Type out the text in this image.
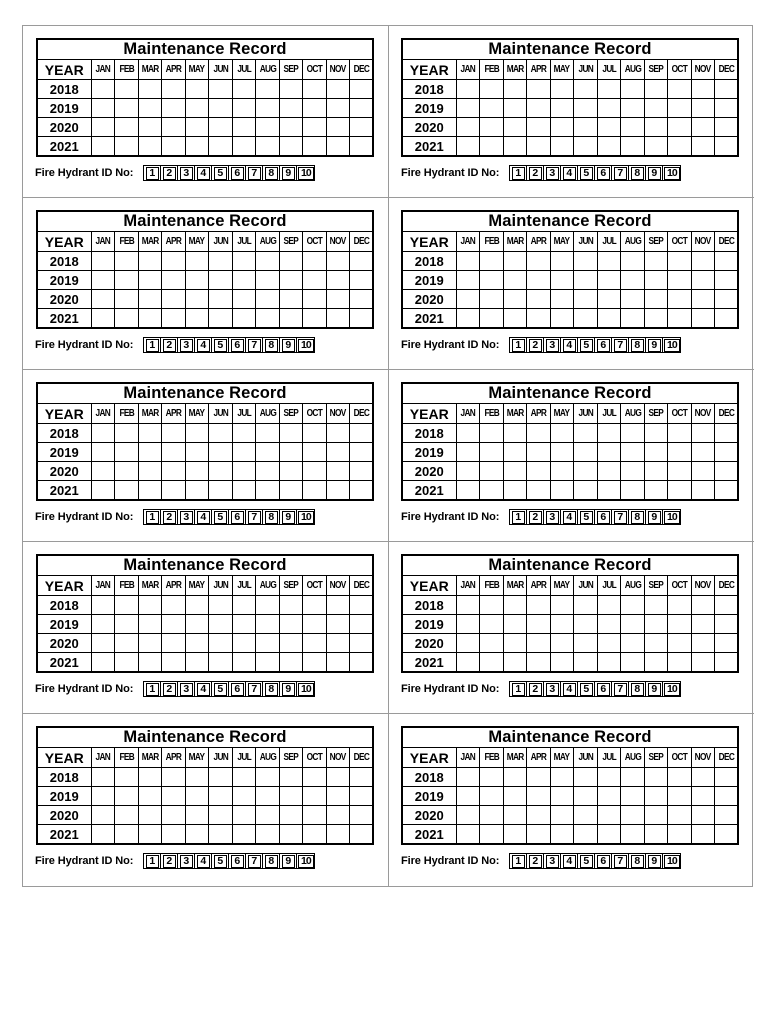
Maintenance Record												
YEAR	JAN	FEB	MAR	APR	MAY	JUN	JUL	AUG	SEP	OCT	NOV	DEC
2018												
2019												
2020												
2021												
Fire Hydrant ID No:	1	2	3	4	5	6	7	8	9 10
Maintenance Record												
YEAR	JAN	FEB	MAR	APR	MAY	JUN	JUL	AUG	SEP	OCT	NOV	DEC
2018												
2019												
2020												
2021												
Fire Hydrant ID No:	1	2	3	4	5	6	7	8	9 10
Maintenance Record												
YEAR	JAN	FEB	MAR	APR	MAY	JUN	JUL	AUG	SEP	OCT	NOV	DEC
2018												
2019												
2020												
2021												
Fire Hydrant ID No:	1	2	3	4	5	6	7	8	9 10
Maintenance Record												
YEAR	JAN	FEB	MAR	APR	MAY	JUN	JUL	AUG	SEP	OCT	NOV	DEC
2018												
2019												
2020												
2021												
Fire Hydrant ID No:	1	2	3	4	5	6	7	8	9 10
Maintenance Record												
YEAR	JAN	FEB	MAR	APR	MAY	JUN	JUL	AUG	SEP	OCT	NOV	DEC
2018												
2019												
2020												
2021												
Fire Hydrant ID No:	1	2	3	4	5	6	7	8	9 10
Maintenance Record												
YEAR	JAN	FEB	MAR	APR	MAY	JUN	JUL	AUG	SEP	OCT	NOV	DEC
2018												
2019												
2020												
2021												
Fire Hydrant ID No:	1	2	3	4	5	6	7	8	9 10
Maintenance Record												
YEAR	JAN	FEB	MAR	APR	MAY	JUN	JUL	AUG	SEP	OCT	NOV	DEC
2018												
2019												
2020												
2021												
Fire Hydrant ID No:	1	2	3	4	5	6	7	8	9 10
Maintenance Record												
YEAR	JAN	FEB	MAR	APR	MAY	JUN	JUL	AUG	SEP	OCT	NOV	DEC
2018												
2019												
2020												
2021												
Fire Hydrant ID No:	1	2	3	4	5	6	7	8	9 10
Maintenance Record												
YEAR	JAN	FEB	MAR	APR	MAY	JUN	JUL	AUG	SEP	OCT	NOV	DEC
2018												
2019												
2020												
2021												
Fire Hydrant ID No:	1	2	3	4	5	6	7	8	9 10
Maintenance Record												
YEAR	JAN	FEB	MAR	APR	MAY	JUN	JUL	AUG	SEP	OCT	NOV	DEC
2018												
2019												
2020												
2021												
Fire Hydrant ID No:	1	2	3	4	5	6	7	8	9 10
